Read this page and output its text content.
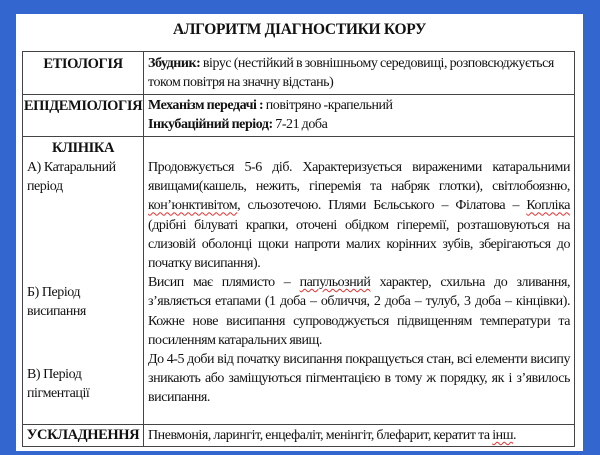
АЛГОРИТМ ДІАГНОСТИКИ КОРУ
ЕТІОЛОГІЯ	Збудник: вірус (нестійкий в зовнішньому середовищі, розповсюджується током повітря на значну відстань)
ЕПІДЕМІОЛОГІЯ Механізм передачі : повітряно -крапельний
Інкубаційний період: 7-21 доба
КЛІНІКА
А) Катаральний
період
Б) Період
висипання
В) Період
пігментації
Продовжується 5-6 діб. Характеризується вираженими катаральними явищами(кашель, нежить, гіперемія та набряк глотки), світлобоязню, кон’юнктивітом, сльозотечою. Плями Бєльського – Філатова – Копліка (дрібні білуваті крапки, оточені обідком гіперемії, розташовуються на слизовій оболонці щоки напроти малих корінних зубів, зберігаються до початку висипання).
Висип має плямисто – папульозний характер, схильна до зливання, з’являється етапами (1 доба – обличчя, 2 доба – тулуб, 3 доба – кінцівки). Кожне нове висипання супроводжується підвищенням температури та посиленням катаральних явищ.
До 4-5 доби від початку висипання покращується стан, всі елементи висипу зникають або заміщуються пігментацією в тому ж порядку, як і з’явилось висипання.
УСКЛАДНЕННЯ Пневмонія, ларингіт, енцефаліт, менінгіт, блефарит, кератит та інш.
